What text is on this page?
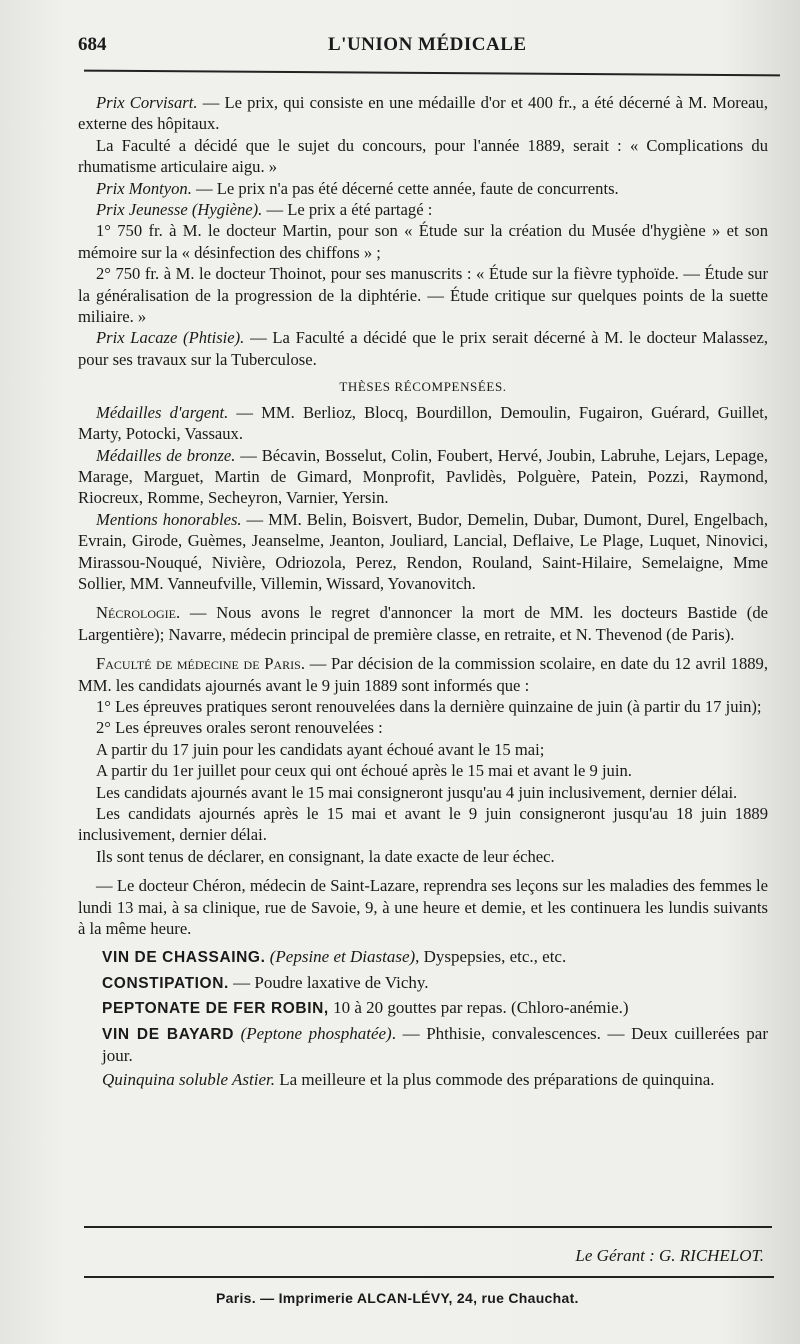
684	L'UNION MÉDICALE

Prix Corvisart. — Le prix, qui consiste en une médaille d'or et 400 fr., a été décerné à M. Moreau, externe des hôpitaux.

La Faculté a décidé que le sujet du concours, pour l'année 1889, serait : « Complications du rhumatisme articulaire aigu. »

Prix Montyon. — Le prix n'a pas été décerné cette année, faute de concurrents.

Prix Jeunesse (Hygiène). — Le prix a été partagé :

1° 750 fr. à M. le docteur Martin, pour son « Étude sur la création du Musée d'hygiène » et son mémoire sur la « désinfection des chiffons » ;

2° 750 fr. à M. le docteur Thoinot, pour ses manuscrits : « Étude sur la fièvre typhoïde. — Étude sur la généralisation de la progression de la diphtérie. — Étude critique sur quelques points de la suette miliaire. »

Prix Lacaze (Phtisie). — La Faculté a décidé que le prix serait décerné à M. le docteur Malassez, pour ses travaux sur la Tuberculose.

THÈSES RÉCOMPENSÉES.

Médailles d'argent. — MM. Berlioz, Blocq, Bourdillon, Demoulin, Fugairon, Guérard, Guillet, Marty, Potocki, Vassaux.

Médailles de bronze. — Bécavin, Bosselut, Colin, Foubert, Hervé, Joubin, Labruhe, Lejars, Lepage, Marage, Marguet, Martin de Gimard, Monprofit, Pavlidès, Polguère, Patein, Pozzi, Raymond, Riocreux, Romme, Secheyron, Varnier, Yersin.

Mentions honorables. — MM. Belin, Boisvert, Budor, Demelin, Dubar, Dumont, Durel, Engelbach, Evrain, Girode, Guèmes, Jeanselme, Jeanton, Jouliard, Lancial, Deflaive, Le Plage, Luquet, Ninovici, Mirassou-Nouqué, Nivière, Odriozola, Perez, Rendon, Rouland, Saint-Hilaire, Semelaigne, Mme Sollier, MM. Vanneufville, Villemin, Wissard, Yovanovitch.

Nécrologie. — Nous avons le regret d'annoncer la mort de MM. les docteurs Bastide (de Largentière); Navarre, médecin principal de première classe, en retraite, et N. Thevenod (de Paris).

Faculté de médecine de Paris. — Par décision de la commission scolaire, en date du 12 avril 1889, MM. les candidats ajournés avant le 9 juin 1889 sont informés que :

1° Les épreuves pratiques seront renouvelées dans la dernière quinzaine de juin (à partir du 17 juin);

2° Les épreuves orales seront renouvelées :

A partir du 17 juin pour les candidats ayant échoué avant le 15 mai;

A partir du 1er juillet pour ceux qui ont échoué après le 15 mai et avant le 9 juin.

Les candidats ajournés avant le 15 mai consigneront jusqu'au 4 juin inclusivement, dernier délai.

Les candidats ajournés après le 15 mai et avant le 9 juin consigneront jusqu'au 18 juin 1889 inclusivement, dernier délai.

Ils sont tenus de déclarer, en consignant, la date exacte de leur échec.

— Le docteur Chéron, médecin de Saint-Lazare, reprendra ses leçons sur les maladies des femmes le lundi 13 mai, à sa clinique, rue de Savoie, 9, à une heure et demie, et les continuera les lundis suivants à la même heure.

VIN DE CHASSAING. (Pepsine et Diastase), Dyspepsies, etc., etc.

CONSTIPATION. — Poudre laxative de Vichy.

PEPTONATE DE FER ROBIN, 10 à 20 gouttes par repas. (Chloro-anémie.)

VIN DE BAYARD (Peptone phosphatée). — Phthisie, convalescences. — Deux cuillerées par jour.

Quinquina soluble Astier. La meilleure et la plus commode des préparations de quinquina.

Le Gérant : G. RICHELOT.
Paris. — Imprimerie ALCAN-LÉVY, 24, rue Chauchat.
